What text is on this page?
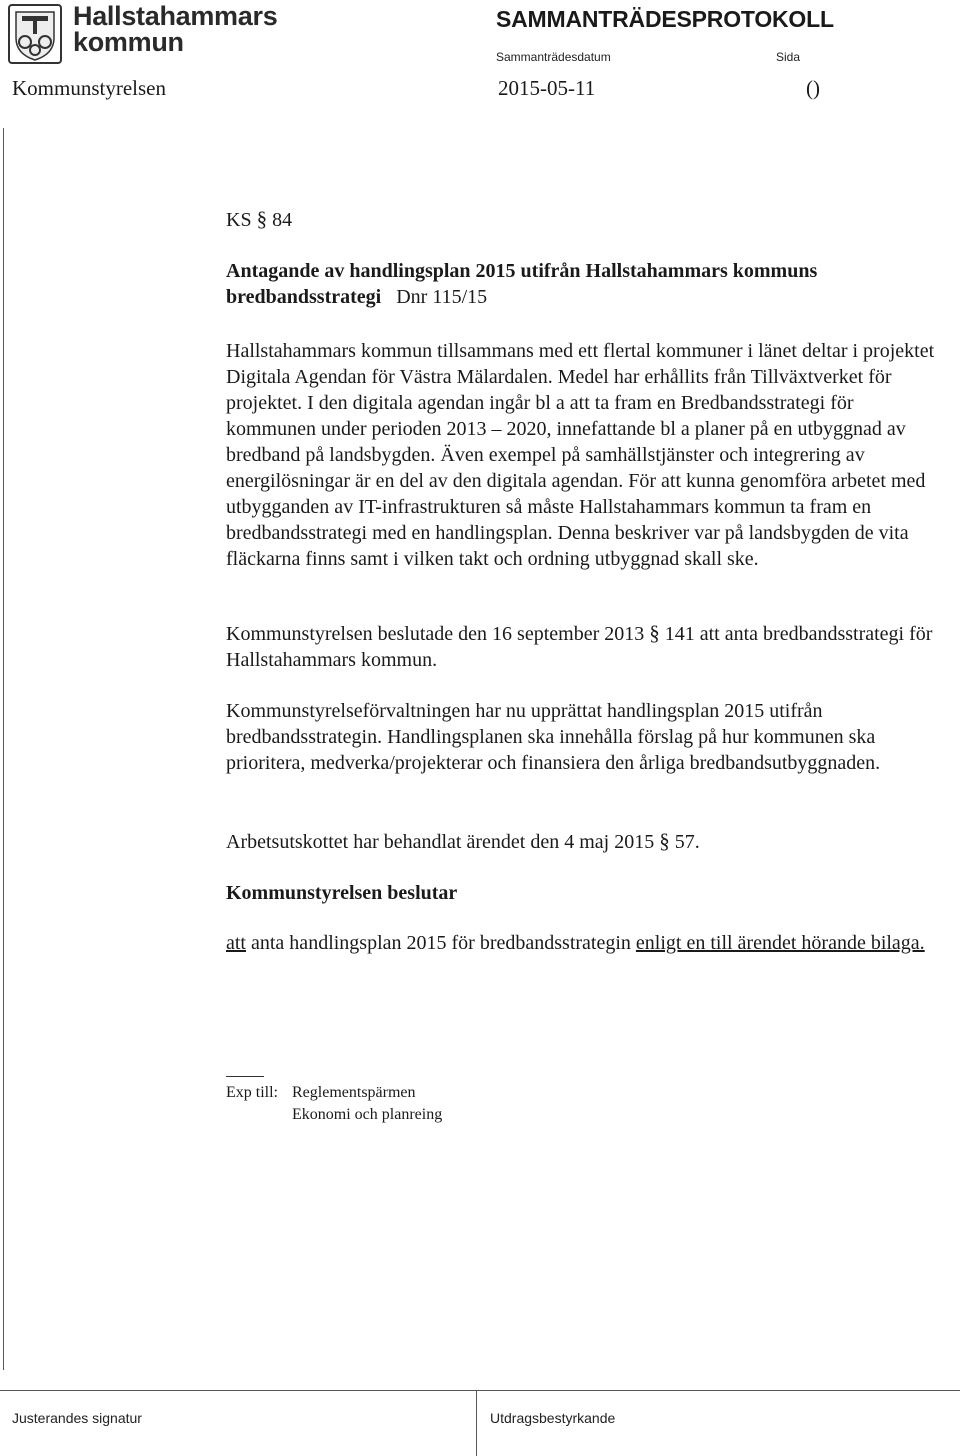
Hallstahammars
kommun
SAMMANTRÄDESPROTOKOLL
Sammanträdesdatum	Sida
Kommunstyrelsen	2015-05-11	()
KS § 84
Antagande av handlingsplan 2015 utifrån Hallstahammars kommuns bredbandsstrategi Dnr 115/15

Hallstahammars kommun tillsammans med ett flertal kommuner i länet deltar i projektet Digitala Agendan för Västra Mälardalen. Medel har erhållits från Tillväxtverket för projektet. I den digitala agendan ingår bl a att ta fram en Bredbandsstrategi för kommunen under perioden 2013 – 2020, innefattande bl a planer på en utbyggnad av bredband på landsbygden. Även exempel på samhällstjänster och integrering av energilösningar är en del av den digitala agendan. För att kunna genomföra arbetet med utbygganden av IT-infrastrukturen så måste Hallstahammars kommun ta fram en bredbandsstrategi med en handlingsplan. Denna beskriver var på landsbygden de vita fläckarna finns samt i vilken takt och ordning utbyggnad skall ske.

Kommunstyrelsen beslutade den 16 september 2013 § 141 att anta bredbandsstrategi för Hallstahammars kommun.

Kommunstyrelseförvaltningen har nu upprättat handlingsplan 2015 utifrån bredbandsstrategin. Handlingsplanen ska innehålla förslag på hur kommunen ska prioritera, medverka/projekterar och finansiera den årliga bredbandsutbyggnaden.

Arbetsutskottet har behandlat ärendet den 4 maj 2015 § 57.

Kommunstyrelsen beslutar

att anta handlingsplan 2015 för bredbandsstrategin enligt en till ärendet hörande bilaga.

Exp till: Reglementspärmen
Ekonomi och planreing
Justerandes signatur	Utdragsbestyrkande
